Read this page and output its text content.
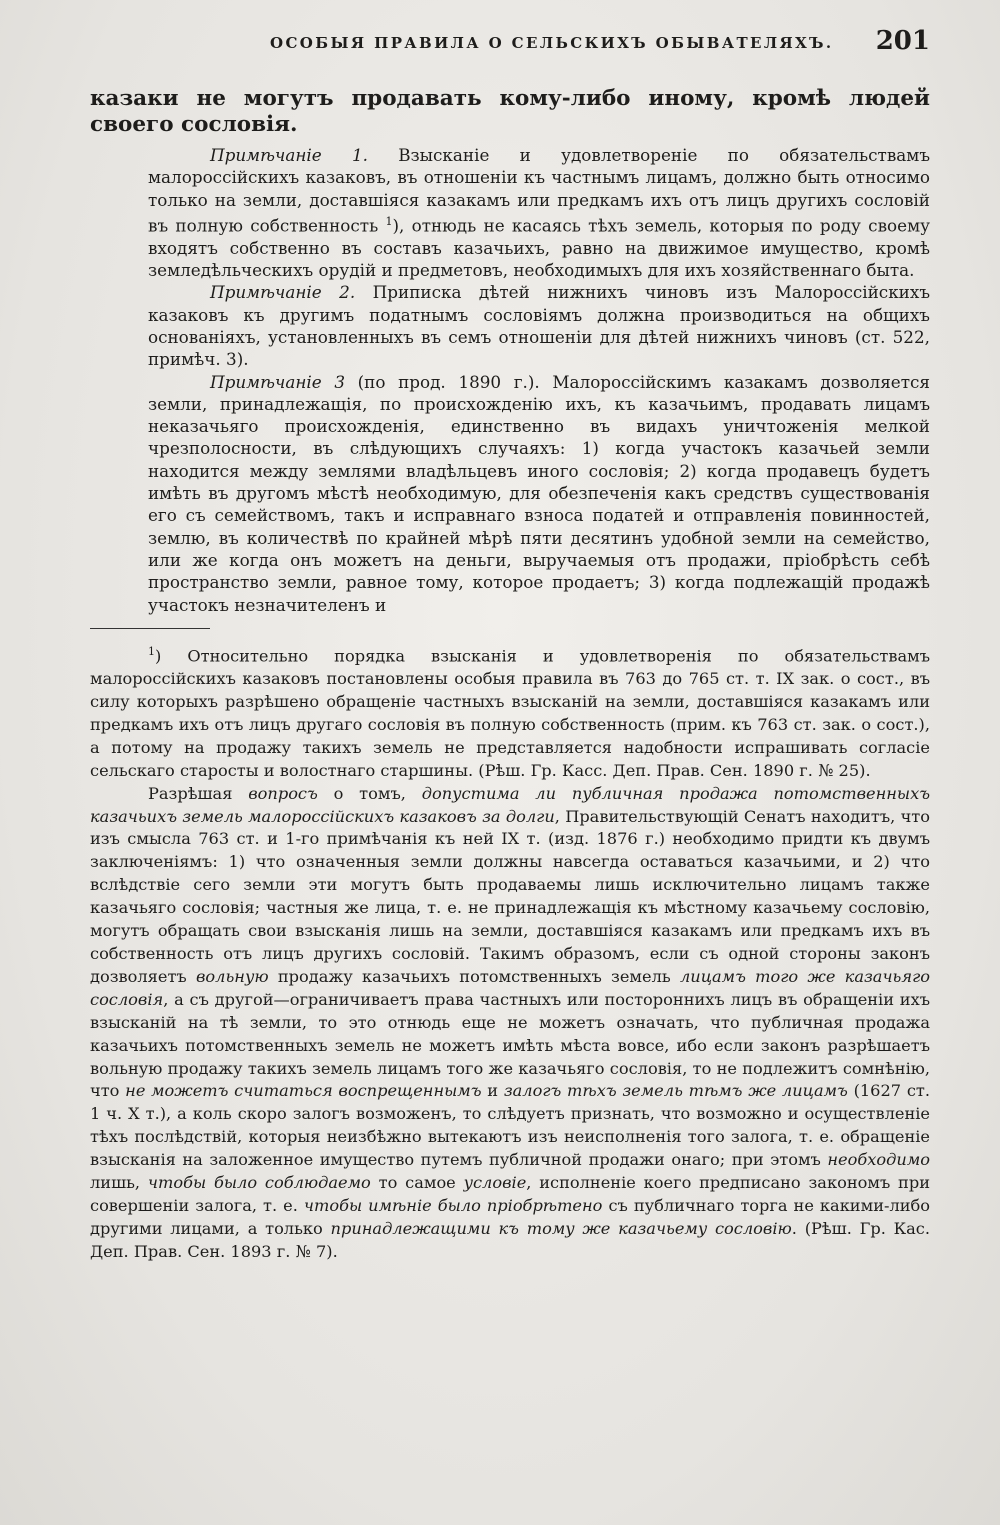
ОСОБЫЯ ПРАВИЛА О СЕЛЬСКИХЪ ОБЫВАТЕЛЯХЪ. 201

казаки не могутъ продавать кому-либо иному, кромѣ людей своего сословія.

Примѣчаніе 1. Взысканіе и удовлетвореніе по обязательствамъ малороссійскихъ казаковъ, въ отношеніи къ частнымъ лицамъ, должно быть относимо только на земли, доставшіяся казакамъ или предкамъ ихъ отъ лицъ другихъ сословій въ полную собственность $^1$), отнюдь не касаясь тѣхъ земель, которыя по роду своему входятъ собственно въ составъ казачьихъ, равно на движимое имущество, кромѣ земледѣльческихъ орудій и предметовъ, необходимыхъ для ихъ хозяйственнаго быта.

Примѣчаніе 2. Приписка дѣтей нижнихъ чиновъ изъ Малороссійскихъ казаковъ къ другимъ податнымъ сословіямъ должна производиться на общихъ основаніяхъ, установленныхъ въ семъ отношеніи для дѣтей нижнихъ чиновъ (ст. 522, примѣч. 3).

Примѣчаніе 3 (по прод. 1890 г.). Малороссійскимъ казакамъ дозволяется земли, принадлежащія, по происхожденію ихъ, къ казачьимъ, продавать лицамъ неказачьяго происхожденія, единственно въ видахъ уничтоженія мелкой чрезполосности, въ слѣдующихъ случаяхъ: 1) когда участокъ казачьей земли находится между землями владѣльцевъ иного сословія; 2) когда продавецъ будетъ имѣть въ другомъ мѣстѣ необходимую, для обезпеченія какъ средствъ существованія его съ семействомъ, такъ и исправнаго взноса податей и отправленія повинностей, землю, въ количествѣ по крайней мѣрѣ пяти десятинъ удобной земли на семейство, или же когда онъ можетъ на деньги, выручаемыя отъ продажи, пріобрѣсть себѣ пространство земли, равное тому, которое продаетъ; 3) когда подлежащій продажѣ участокъ незначителенъ и

$^1$) Относительно порядка взысканія и удовлетворенія по обязательствамъ малороссійскихъ казаковъ постановлены особыя правила въ 763 до 765 ст. т. IX зак. о сост., въ силу которыхъ разрѣшено обращеніе частныхъ взысканій на земли, доставшіяся казакамъ или предкамъ ихъ отъ лицъ другаго сословія въ полную собственность (прим. къ 763 ст. зак. о сост.), а потому на продажу такихъ земель не представляется надобности испрашивать согласіе сельскаго старосты и волостнаго старшины. (Рѣш. Гр. Касс. Деп. Прав. Сен. 1890 г. № 25).

Разрѣшая вопросъ о томъ, допустима ли публичная продажа потомственныхъ казачьихъ земель малороссійскихъ казаковъ за долги, Правительствующій Сенатъ находитъ, что изъ смысла 763 ст. и 1-го примѣчанія къ ней IX т. (изд. 1876 г.) необходимо придти къ двумъ заключеніямъ: 1) что означенныя земли должны навсегда оставаться казачьими, и 2) что вслѣдствіе сего земли эти могутъ быть продаваемы лишь исключительно лицамъ также казачьяго сословія; частныя же лица, т. е. не принадлежащія къ мѣстному казачьему сословію, могутъ обращать свои взысканія лишь на земли, доставшіяся казакамъ или предкамъ ихъ въ собственность отъ лицъ другихъ сословій. Такимъ образомъ, если съ одной стороны законъ дозволяетъ вольную продажу казачьихъ потомственныхъ земель лицамъ того же казачьяго сословія, а съ другой—ограничиваетъ права частныхъ или постороннихъ лицъ въ обращеніи ихъ взысканій на тѣ земли, то это отнюдь еще не можетъ означать, что публичная продажа казачьихъ потомственныхъ земель не можетъ имѣть мѣста вовсе, ибо если законъ разрѣшаетъ вольную продажу такихъ земель лицамъ того же казачьяго сословія, то не подлежитъ сомнѣнію, что не можетъ считаться воспрещеннымъ и залогъ тѣхъ земель тѣмъ же лицамъ (1627 ст. 1 ч. X т.), а коль скоро залогъ возможенъ, то слѣдуетъ признать, что возможно и осуществленіе тѣхъ послѣдствій, которыя неизбѣжно вытекаютъ изъ неисполненія того залога, т. е. обращеніе взысканія на заложенное имущество путемъ публичной продажи онаго; при этомъ необходимо лишь, чтобы было соблюдаемо то самое условіе, исполненіе коего предписано закономъ при совершеніи залога, т. е. чтобы имѣніе было пріобрѣтено съ публичнаго торга не какими-либо другими лицами, а только принадлежащими къ тому же казачьему сословію. (Рѣш. Гр. Кас. Деп. Прав. Сен. 1893 г. № 7).
